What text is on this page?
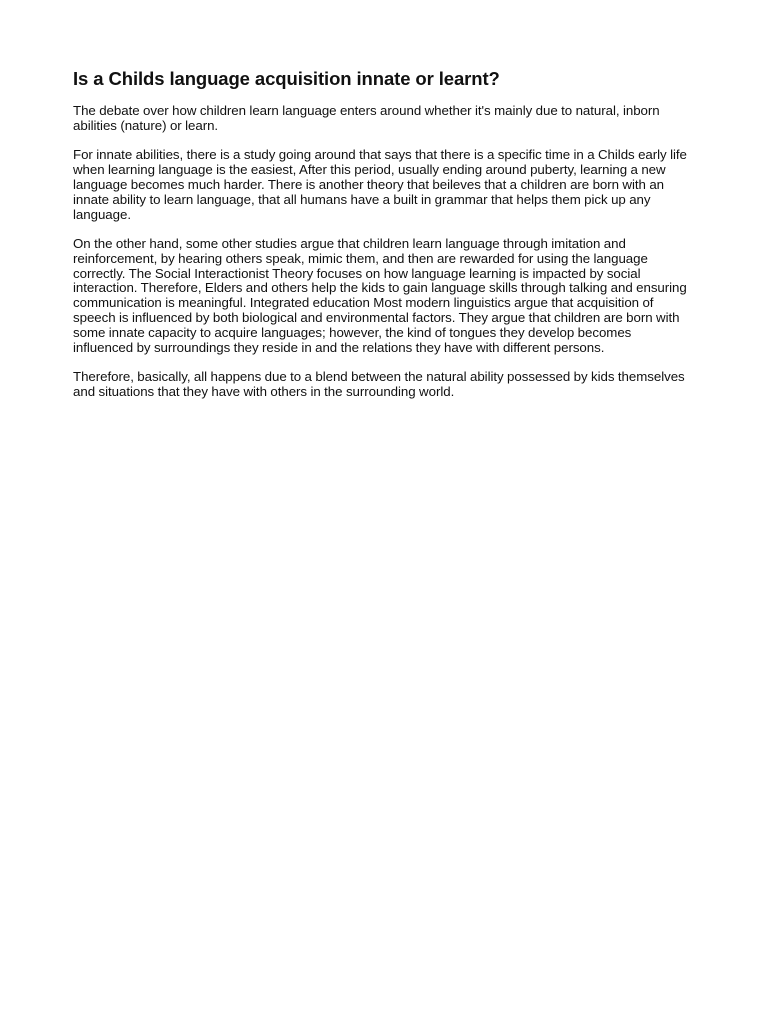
Is a Childs language acquisition innate or learnt?

The debate over how children learn language enters around whether it's mainly due to natural, inborn abilities (nature) or learn.

For innate abilities, there is a study going around that says that there is a specific time in a Childs early life when learning language is the easiest, After this period, usually ending around puberty, learning a new language becomes much harder. There is another theory that beileves that a children are born with an innate ability to learn language, that all humans have a built in grammar that helps them pick up any language.

On the other hand, some other studies argue that children learn language through imitation and reinforcement, by hearing others speak, mimic them, and then are rewarded for using the language correctly. The Social Interactionist Theory focuses on how language learning is impacted by social interaction. Therefore, Elders and others help the kids to gain language skills through talking and ensuring communication is meaningful. Integrated education Most modern linguistics argue that acquisition of speech is influenced by both biological and environmental factors. They argue that children are born with some innate capacity to acquire languages; however, the kind of tongues they develop becomes influenced by surroundings they reside in and the relations they have with different persons.

Therefore, basically, all happens due to a blend between the natural ability possessed by kids themselves and situations that they have with others in the surrounding world.
